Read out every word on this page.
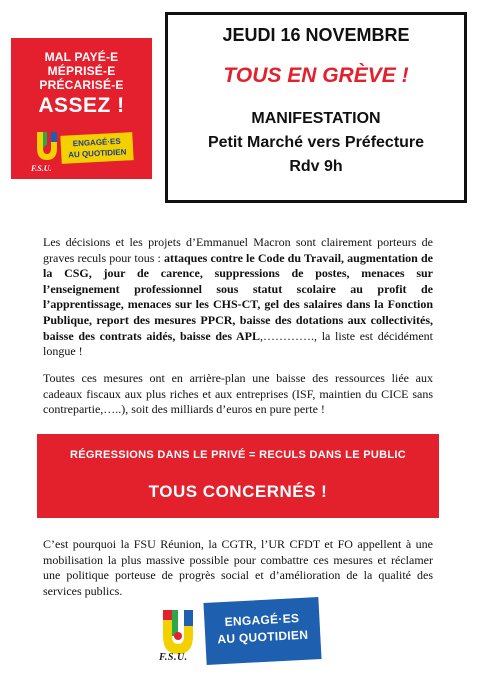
MAL PAYÉ-E
MÉPRISÉ-E
PRÉCARISÉ-E
ASSEZ !
F.S.U.
ENGAGÉ·ES
AU QUOTIDIEN
JEUDI 16 NOVEMBRE
TOUS EN GRÈVE !
MANIFESTATION
Petit Marché vers Préfecture
Rdv 9h
Les décisions et les projets d’Emmanuel Macron sont clairement porteurs de graves reculs pour tous : attaques contre le Code du Travail, augmentation de la CSG, jour de carence, suppressions de postes, menaces sur l’enseignement professionnel sous statut scolaire au profit de l’apprentissage, menaces sur les CHS-CT, gel des salaires dans la Fonction Publique, report des mesures PPCR, baisse des dotations aux collectivités, baisse des contrats aidés, baisse des APL,…………., la liste est décidément longue !
Toutes ces mesures ont en arrière-plan une baisse des ressources liée aux cadeaux fiscaux aux plus riches et aux entreprises (ISF, maintien du CICE sans contrepartie,…..), soit des milliards d’euros en pure perte !
RÉGRESSIONS DANS LE PRIVÉ = RECULS DANS LE PUBLIC
TOUS CONCERNÉS !
C’est pourquoi la FSU Réunion, la CGTR, l’UR CFDT et FO appellent à une mobilisation la plus massive possible pour combattre ces mesures et réclamer une politique porteuse de progrès social et d’amélioration de la qualité des services publics.
F.S.U.
ENGAGÉ·ES
AU QUOTIDIEN
